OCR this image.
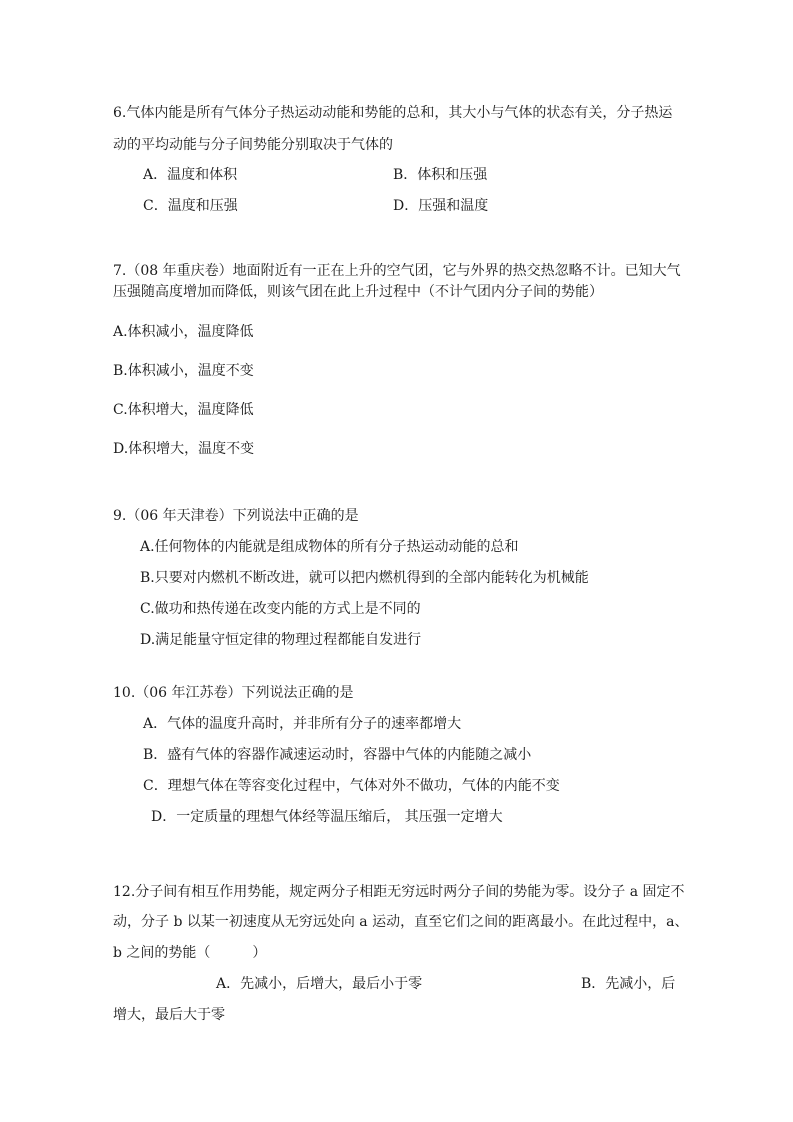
6.气体内能是所有气体分子热运动动能和势能的总和，其大小与气体的状态有关，分子热运
动的平均动能与分子间势能分别取决于气体的
A．温度和体积	B．体积和压强
C．温度和压强	D．压强和温度
7.（08 年重庆卷）地面附近有一正在上升的空气团，它与外界的热交热忽略不计。已知大气
压强随高度增加而降低，则该气团在此上升过程中（不计气团内分子间的势能）
A.体积减小，温度降低
B.体积减小，温度不变
C.体积增大，温度降低
D.体积增大，温度不变
9.（06 年天津卷）下列说法中正确的是
A.任何物体的内能就是组成物体的所有分子热运动动能的总和
B.只要对内燃机不断改进，就可以把内燃机得到的全部内能转化为机械能
C.做功和热传递在改变内能的方式上是不同的
D.满足能量守恒定律的物理过程都能自发进行
10.（06 年江苏卷）下列说法正确的是
A．气体的温度升高时，并非所有分子的速率都增大
B．盛有气体的容器作减速运动时，容器中气体的内能随之减小
C．理想气体在等容变化过程中，气体对外不做功，气体的内能不变
D．一定质量的理想气体经等温压缩后， 其压强一定增大
12.分子间有相互作用势能，规定两分子相距无穷远时两分子间的势能为零。设分子 a 固定不
动，分子 b 以某一初速度从无穷远处向 a 运动，直至它们之间的距离最小。在此过程中，a、
b 之间的势能（　　　）
A．先减小，后增大，最后小于零	B．先减小，后
增大，最后大于零
